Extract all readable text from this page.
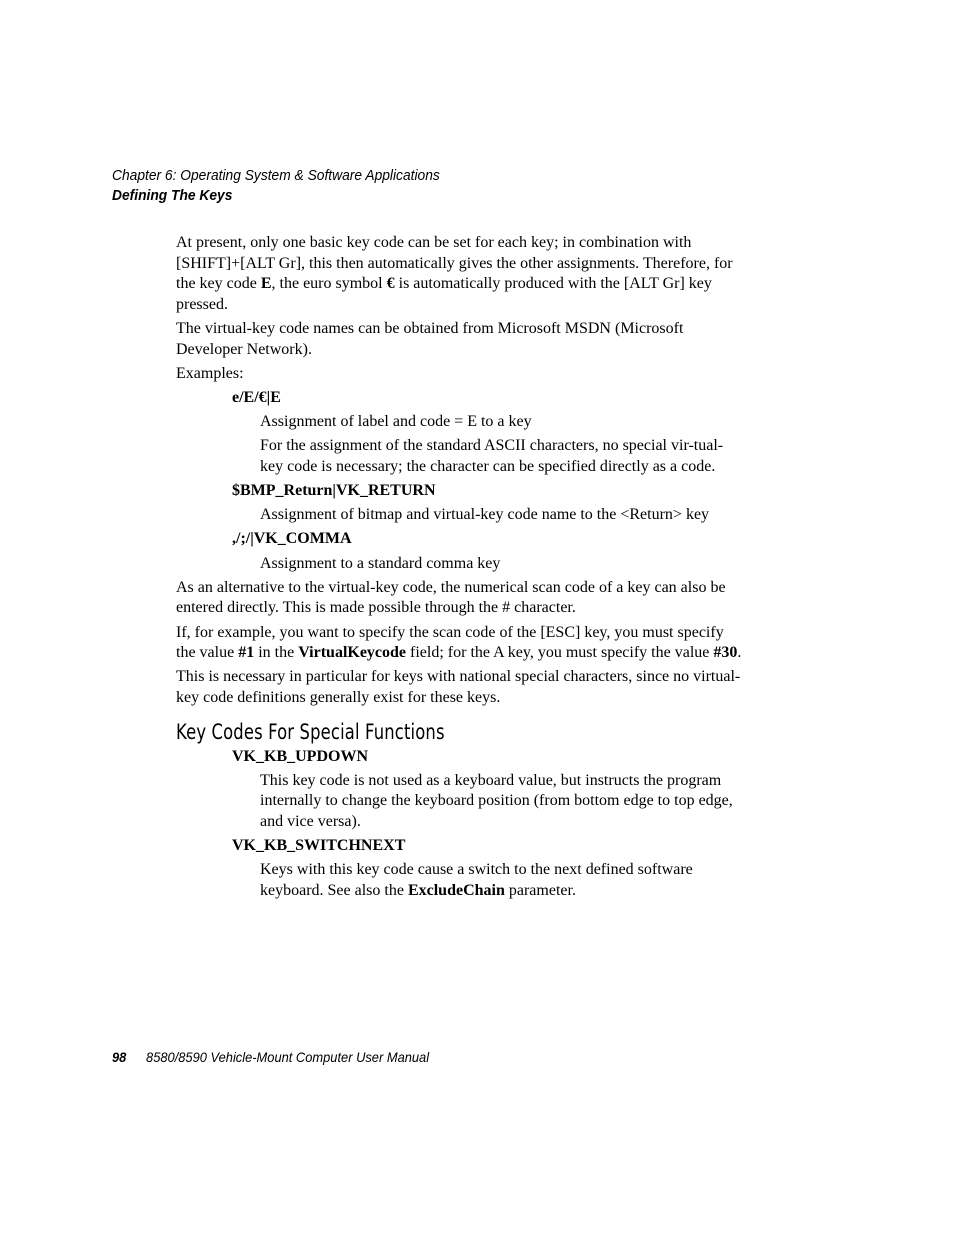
Chapter 6: Operating System & Software Applications
Defining The Keys

At present, only one basic key code can be set for each key; in combination with [SHIFT]+[ALT Gr], this then automatically gives the other assignments. Therefore, for the key code E, the euro symbol € is automatically produced with the [ALT Gr] key pressed.

The virtual-key code names can be obtained from Microsoft MSDN (Microsoft Developer Network).

Examples:

e/E/€|E

Assignment of label and code = E to a key

For the assignment of the standard ASCII characters, no special vir-tual-key code is necessary; the character can be specified directly as a code.

$BMP_Return|VK_RETURN

Assignment of bitmap and virtual-key code name to the <Return> key

,/;/|VK_COMMA

Assignment to a standard comma key

As an alternative to the virtual-key code, the numerical scan code of a key can also be entered directly. This is made possible through the # character.

If, for example, you want to specify the scan code of the [ESC] key, you must specify the value #1 in the VirtualKeycode field; for the A key, you must specify the value #30.

This is necessary in particular for keys with national special characters, since no virtual-key code definitions generally exist for these keys.

Key Codes For Special Functions

VK_KB_UPDOWN

This key code is not used as a keyboard value, but instructs the program internally to change the keyboard position (from bottom edge to top edge, and vice versa).

VK_KB_SWITCHNEXT

Keys with this key code cause a switch to the next defined software keyboard. See also the ExcludeChain parameter.

98 8580/8590 Vehicle-Mount Computer User Manual
